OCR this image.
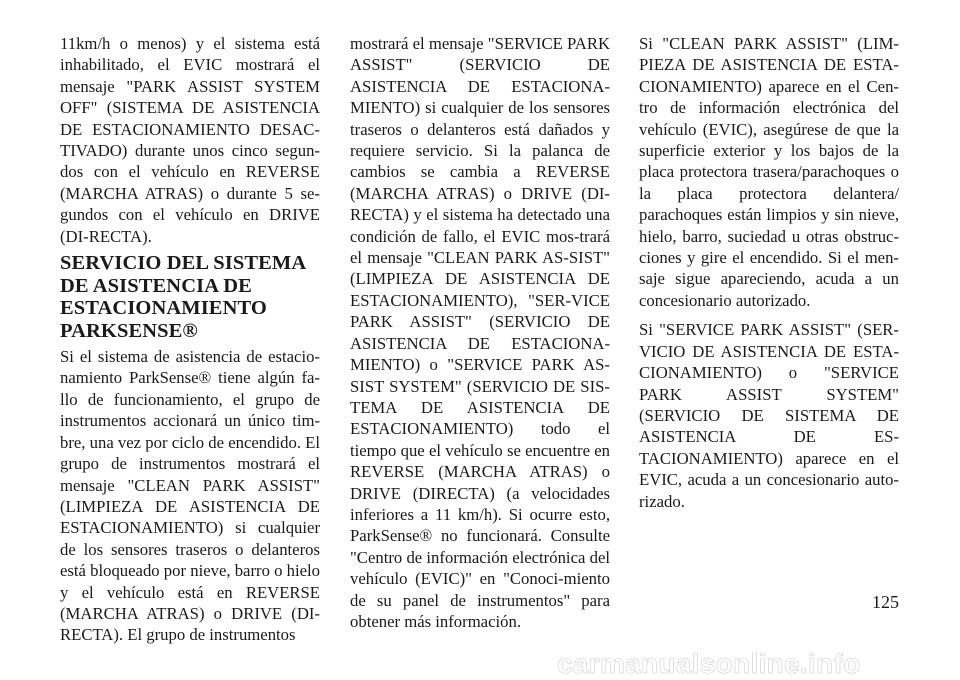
11km/h o menos) y el sistema está inhabilitado, el EVIC mostrará el mensaje "PARK ASSIST SYSTEM OFF" (SISTEMA DE ASISTENCIA DE ESTACIONAMIENTO DESAC-TIVADO) durante unos cinco segun-dos con el vehículo en REVERSE (MARCHA ATRAS) o durante 5 se-gundos con el vehículo en DRIVE (DI-RECTA).

SERVICIO DEL SISTEMA DE ASISTENCIA DE ESTACIONAMIENTO PARKSENSE®

Si el sistema de asistencia de estacio-namiento ParkSense® tiene algún fa-llo de funcionamiento, el grupo de instrumentos accionará un único tim-bre, una vez por ciclo de encendido. El grupo de instrumentos mostrará el mensaje "CLEAN PARK ASSIST" (LIMPIEZA DE ASISTENCIA DE ESTACIONAMIENTO) si cualquier de los sensores traseros o delanteros está bloqueado por nieve, barro o hielo y el vehículo está en REVERSE (MARCHA ATRAS) o DRIVE (DI-RECTA). El grupo de instrumentos

mostrará el mensaje "SERVICE PARK ASSIST" (SERVICIO DE ASISTENCIA DE ESTACIONA-MIENTO) si cualquier de los sensores traseros o delanteros está dañados y requiere servicio. Si la palanca de cambios se cambia a REVERSE (MARCHA ATRAS) o DRIVE (DI-RECTA) y el sistema ha detectado una condición de fallo, el EVIC mos-trará el mensaje "CLEAN PARK AS-SIST" (LIMPIEZA DE ASISTENCIA DE ESTACIONAMIENTO), "SER-VICE PARK ASSIST" (SERVICIO DE ASISTENCIA DE ESTACIONA-MIENTO) o "SERVICE PARK AS-SIST SYSTEM" (SERVICIO DE SIS-TEMA DE ASISTENCIA DE ESTACIONAMIENTO) todo el tiempo que el vehículo se encuentre en REVERSE (MARCHA ATRAS) o DRIVE (DIRECTA) (a velocidades inferiores a 11 km/h). Si ocurre esto, ParkSense® no funcionará. Consulte "Centro de información electrónica del vehículo (EVIC)" en "Conoci-miento de su panel de instrumentos" para obtener más información.

Si "CLEAN PARK ASSIST" (LIM-PIEZA DE ASISTENCIA DE ESTA-CIONAMIENTO) aparece en el Cen-tro de información electrónica del vehículo (EVIC), asegúrese de que la superficie exterior y los bajos de la placa protectora trasera/parachoques o la placa protectora delantera/ parachoques están limpios y sin nieve, hielo, barro, suciedad u otras obstruc-ciones y gire el encendido. Si el men-saje sigue apareciendo, acuda a un concesionario autorizado.

Si "SERVICE PARK ASSIST" (SER-VICIO DE ASISTENCIA DE ESTA-CIONAMIENTO) o "SERVICE PARK ASSIST SYSTEM" (SERVICIO DE SISTEMA DE ASISTENCIA DE ES-TACIONAMIENTO) aparece en el EVIC, acuda a un concesionario auto-rizado.

125
carmanualsonline.info
